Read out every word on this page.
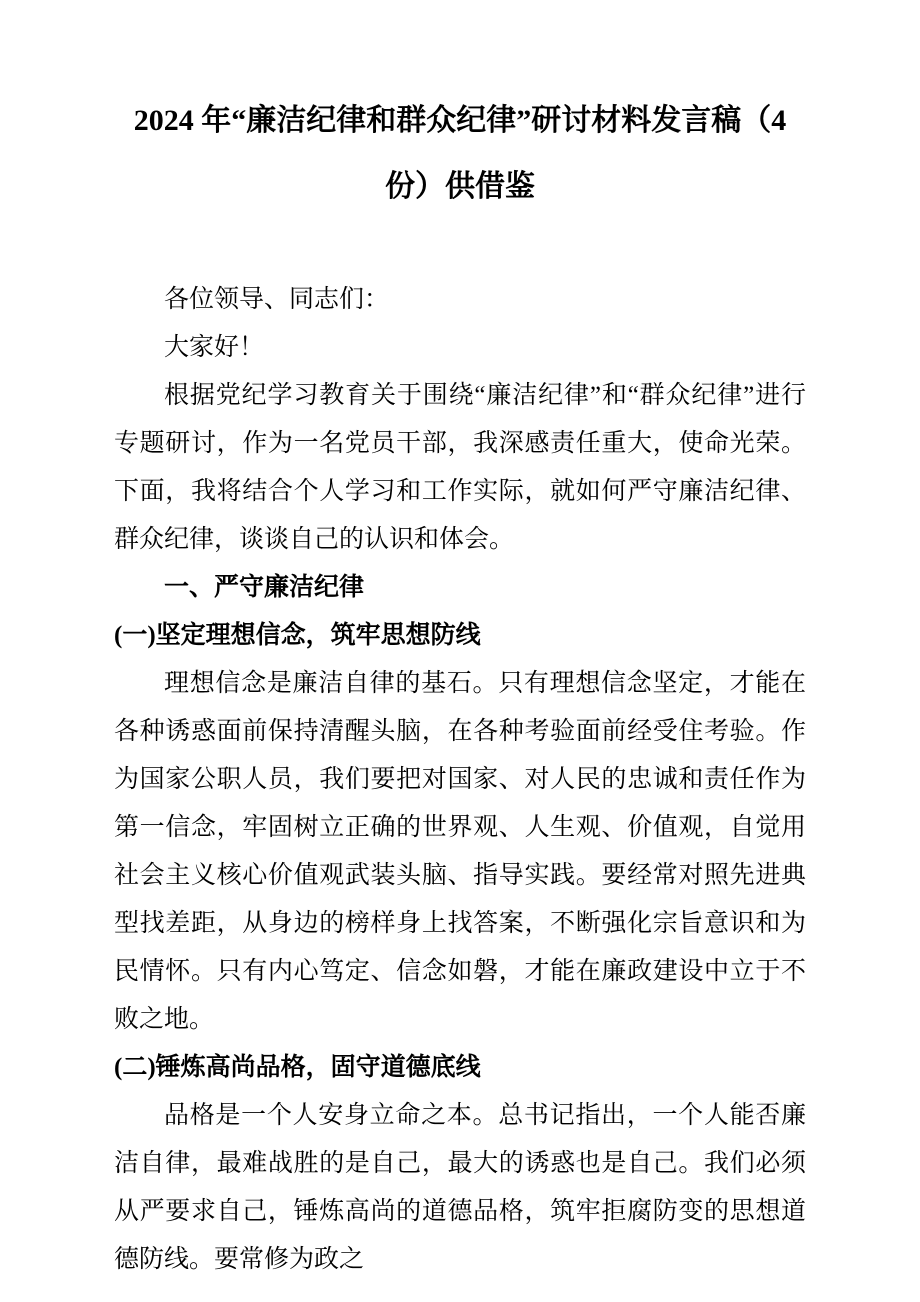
2024 年“廉洁纪律和群众纪律”研讨材料发言稿（4 份）供借鉴

各位领导、同志们：

大家好！

根据党纪学习教育关于围绕“廉洁纪律”和“群众纪律”进行专题研讨，作为一名党员干部，我深感责任重大，使命光荣。下面，我将结合个人学习和工作实际，就如何严守廉洁纪律、群众纪律，谈谈自己的认识和体会。

一、严守廉洁纪律

(一)坚定理想信念，筑牢思想防线

理想信念是廉洁自律的基石。只有理想信念坚定，才能在各种诱惑面前保持清醒头脑，在各种考验面前经受住考验。作为国家公职人员，我们要把对国家、对人民的忠诚和责任作为第一信念，牢固树立正确的世界观、人生观、价值观，自觉用社会主义核心价值观武装头脑、指导实践。要经常对照先进典型找差距，从身边的榜样身上找答案，不断强化宗旨意识和为民情怀。只有内心笃定、信念如磐，才能在廉政建设中立于不败之地。

(二)锤炼高尚品格，固守道德底线

品格是一个人安身立命之本。总书记指出，一个人能否廉洁自律，最难战胜的是自己，最大的诱惑也是自己。我们必须从严要求自己，锤炼高尚的道德品格，筑牢拒腐防变的思想道德防线。要常修为政之
